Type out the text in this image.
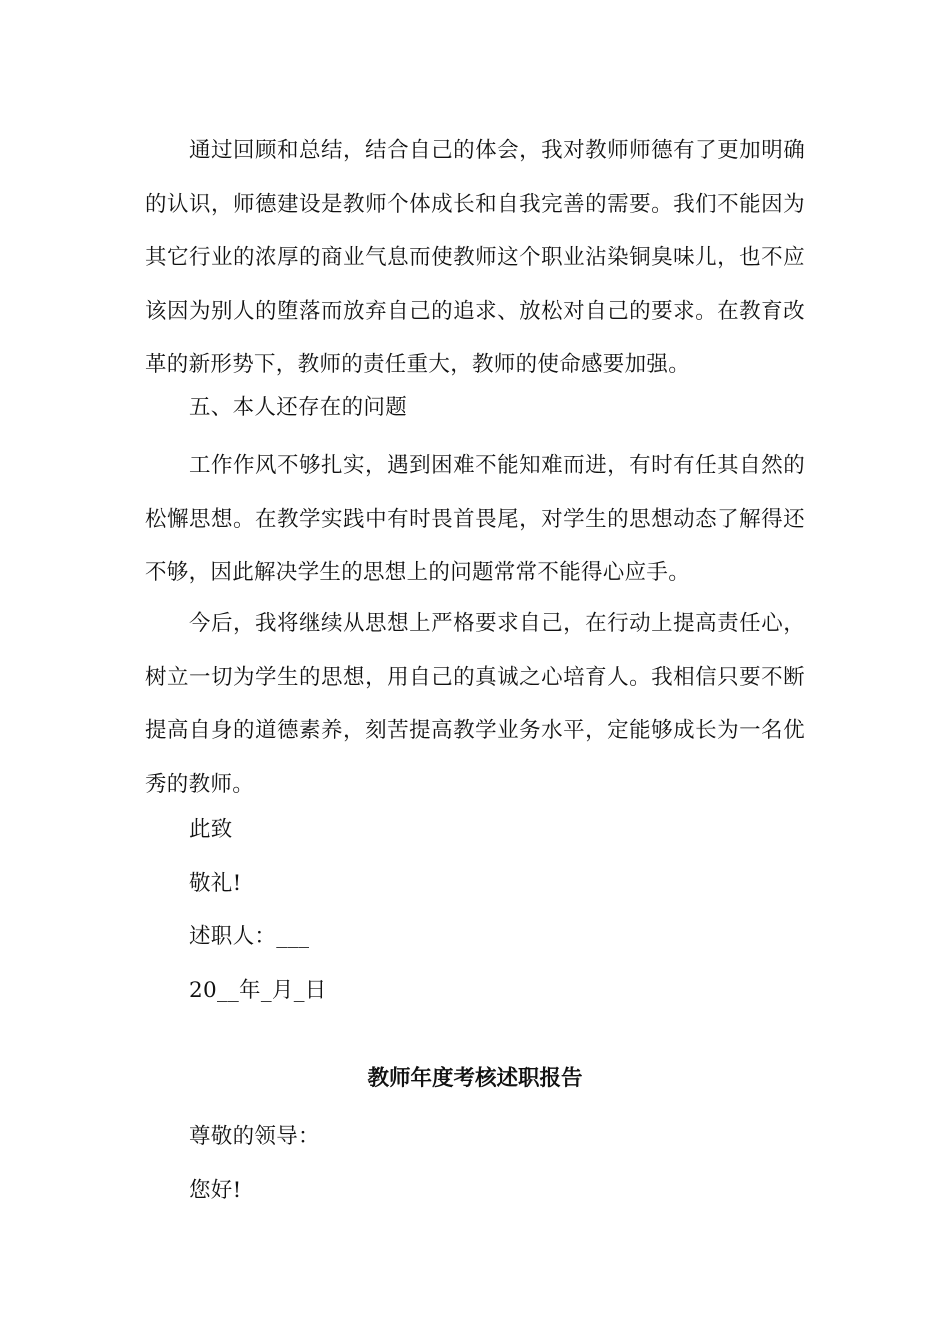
通过回顾和总结，结合自己的体会，我对教师师德有了更加明确的认识，师德建设是教师个体成长和自我完善的需要。我们不能因为其它行业的浓厚的商业气息而使教师这个职业沾染铜臭味儿，也不应该因为别人的堕落而放弃自己的追求、放松对自己的要求。在教育改革的新形势下，教师的责任重大，教师的使命感要加强。

五、本人还存在的问题

工作作风不够扎实，遇到困难不能知难而进，有时有任其自然的松懈思想。在教学实践中有时畏首畏尾，对学生的思想动态了解得还不够，因此解决学生的思想上的问题常常不能得心应手。

今后，我将继续从思想上严格要求自己，在行动上提高责任心，树立一切为学生的思想，用自己的真诚之心培育人。我相信只要不断提高自身的道德素养，刻苦提高教学业务水平，定能够成长为一名优秀的教师。

此致

敬礼!

述职人：___

20__年_月_日

教师年度考核述职报告

尊敬的领导：

您好!
